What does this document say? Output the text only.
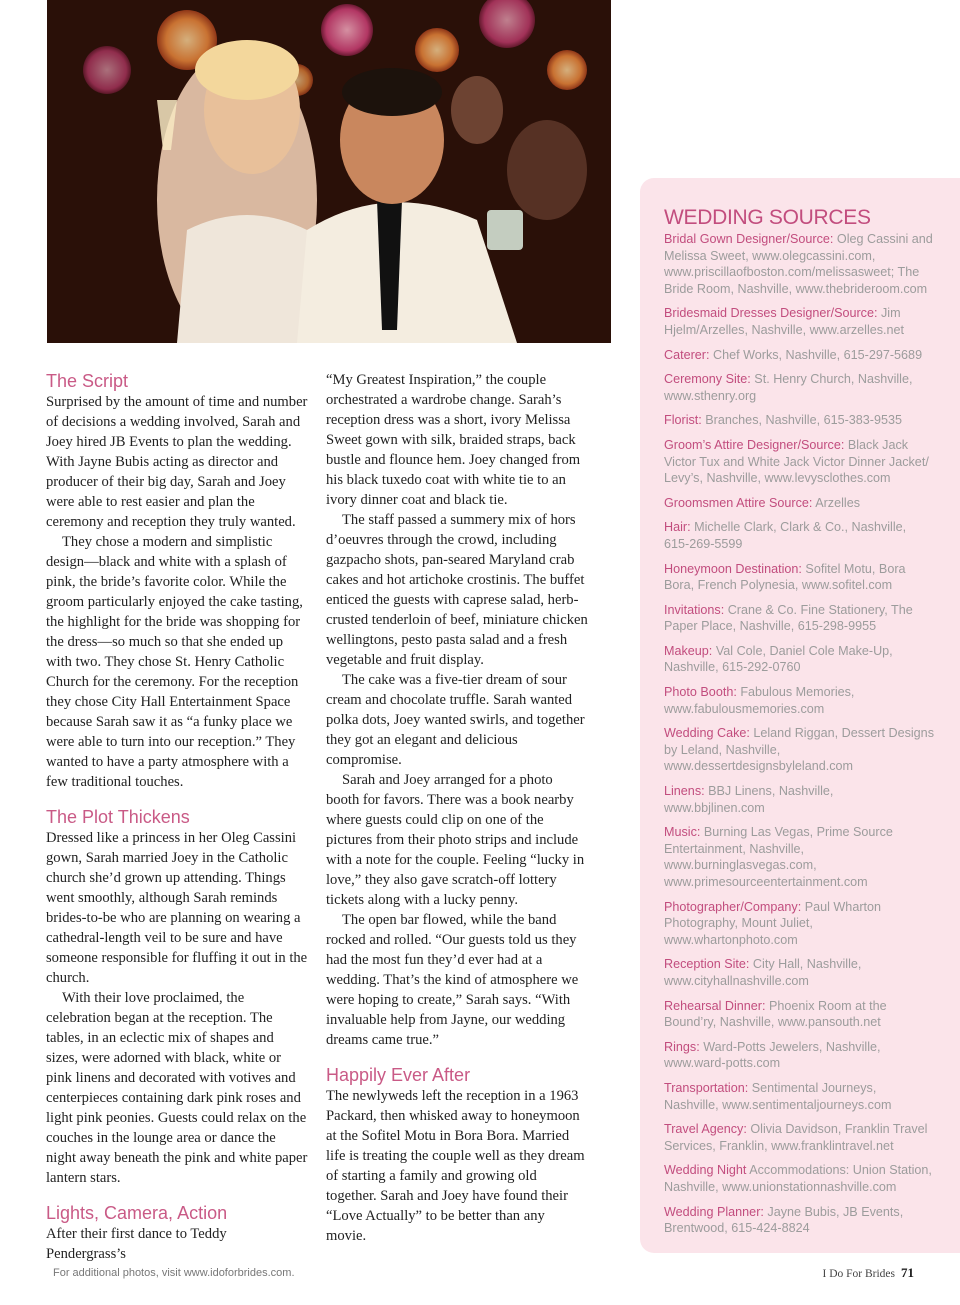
The Script

Surprised by the amount of time and number of decisions a wedding involved, Sarah and Joey hired JB Events to plan the wedding. With Jayne Bubis acting as director and producer of their big day, Sarah and Joey were able to rest easier and plan the ceremony and reception they truly wanted.

They chose a modern and simplistic design—black and white with a splash of pink, the bride’s favorite color. While the groom particularly enjoyed the cake tasting, the highlight for the bride was shopping for the dress—so much so that she ended up with two. They chose St. Henry Catholic Church for the ceremony. For the reception they chose City Hall Entertainment Space because Sarah saw it as “a funky place we were able to turn into our reception.” They wanted to have a party atmosphere with a few traditional touches.

The Plot Thickens

Dressed like a princess in her Oleg Cassini gown, Sarah married Joey in the Catholic church she’d grown up attending. Things went smoothly, although Sarah reminds brides-to-be who are planning on wearing a cathedral-length veil to be sure and have someone responsible for fluffing it out in the church.

With their love proclaimed, the celebration began at the reception. The tables, in an eclectic mix of shapes and sizes, were adorned with black, white or pink linens and decorated with votives and centerpieces containing dark pink roses and light pink peonies. Guests could relax on the couches in the lounge area or dance the night away beneath the pink and white paper lantern stars.

Lights, Camera, Action

After their first dance to Teddy Pendergrass’s

“My Greatest Inspiration,” the couple orchestrated a wardrobe change. Sarah’s reception dress was a short, ivory Melissa Sweet gown with silk, braided straps, back bustle and flounce hem. Joey changed from his black tuxedo coat with white tie to an ivory dinner coat and black tie.

The staff passed a summery mix of hors d’oeuvres through the crowd, including gazpacho shots, pan-seared Maryland crab cakes and hot artichoke crostinis. The buffet enticed the guests with caprese salad, herb-crusted tenderloin of beef, miniature chicken wellingtons, pesto pasta salad and a fresh vegetable and fruit display.

The cake was a five-tier dream of sour cream and chocolate truffle. Sarah wanted polka dots, Joey wanted swirls, and together they got an elegant and delicious compromise.

Sarah and Joey arranged for a photo booth for favors. There was a book nearby where guests could clip on one of the pictures from their photo strips and include with a note for the couple. Feeling “lucky in love,” they also gave scratch-off lottery tickets along with a lucky penny.

The open bar flowed, while the band rocked and rolled. “Our guests told us they had the most fun they’d ever had at a wedding. That’s the kind of atmosphere we were hoping to create,” Sarah says. “With invaluable help from Jayne, our wedding dreams came true.”

Happily Ever After

The newlyweds left the reception in a 1963 Packard, then whisked away to honeymoon at the Sofitel Motu in Bora Bora. Married life is treating the couple well as they dream of starting a family and growing old together. Sarah and Joey have found their “Love Actually” to be better than any movie.

WEDDING SOURCES
Bridal Gown Designer/Source: Oleg Cassini and Melissa Sweet, www.olegcassini.com, www.priscillaofboston.com/melissasweet; The Bride Room, Nashville, www.thebrideroom.com
Bridesmaid Dresses Designer/Source: Jim Hjelm/Arzelles, Nashville, www.arzelles.net
Caterer: Chef Works, Nashville, 615-297-5689
Ceremony Site: St. Henry Church, Nashville, www.sthenry.org
Florist: Branches, Nashville, 615-383-9535
Groom’s Attire Designer/Source: Black Jack Victor Tux and White Jack Victor Dinner Jacket/ Levy’s, Nashville, www.levysclothes.com
Groomsmen Attire Source: Arzelles
Hair: Michelle Clark, Clark & Co., Nashville, 615-269-5599
Honeymoon Destination: Sofitel Motu, Bora Bora, French Polynesia, www.sofitel.com
Invitations: Crane & Co. Fine Stationery, The Paper Place, Nashville, 615-298-9955
Makeup: Val Cole, Daniel Cole Make-Up, Nashville, 615-292-0760
Photo Booth: Fabulous Memories, www.fabulousmemories.com
Wedding Cake: Leland Riggan, Dessert Designs by Leland, Nashville, www.dessertdesignsbyleland.com
Linens: BBJ Linens, Nashville, www.bbjlinen.com
Music: Burning Las Vegas, Prime Source Entertainment, Nashville, www.burninglasvegas.com, www.primesourceentertainment.com
Photographer/Company: Paul Wharton Photography, Mount Juliet, www.whartonphoto.com
Reception Site: City Hall, Nashville, www.cityhallnashville.com
Rehearsal Dinner: Phoenix Room at the Bound’ry, Nashville, www.pansouth.net
Rings: Ward-Potts Jewelers, Nashville, www.ward-potts.com
Transportation: Sentimental Journeys, Nashville, www.sentimentaljourneys.com
Travel Agency: Olivia Davidson, Franklin Travel Services, Franklin, www.franklintravel.net
Wedding Night Accommodations: Union Station, Nashville, www.unionstationnashville.com
Wedding Planner: Jayne Bubis, JB Events, Brentwood, 615-424-8824
For additional photos, visit www.idoforbrides.com.	I Do For Brides 71
